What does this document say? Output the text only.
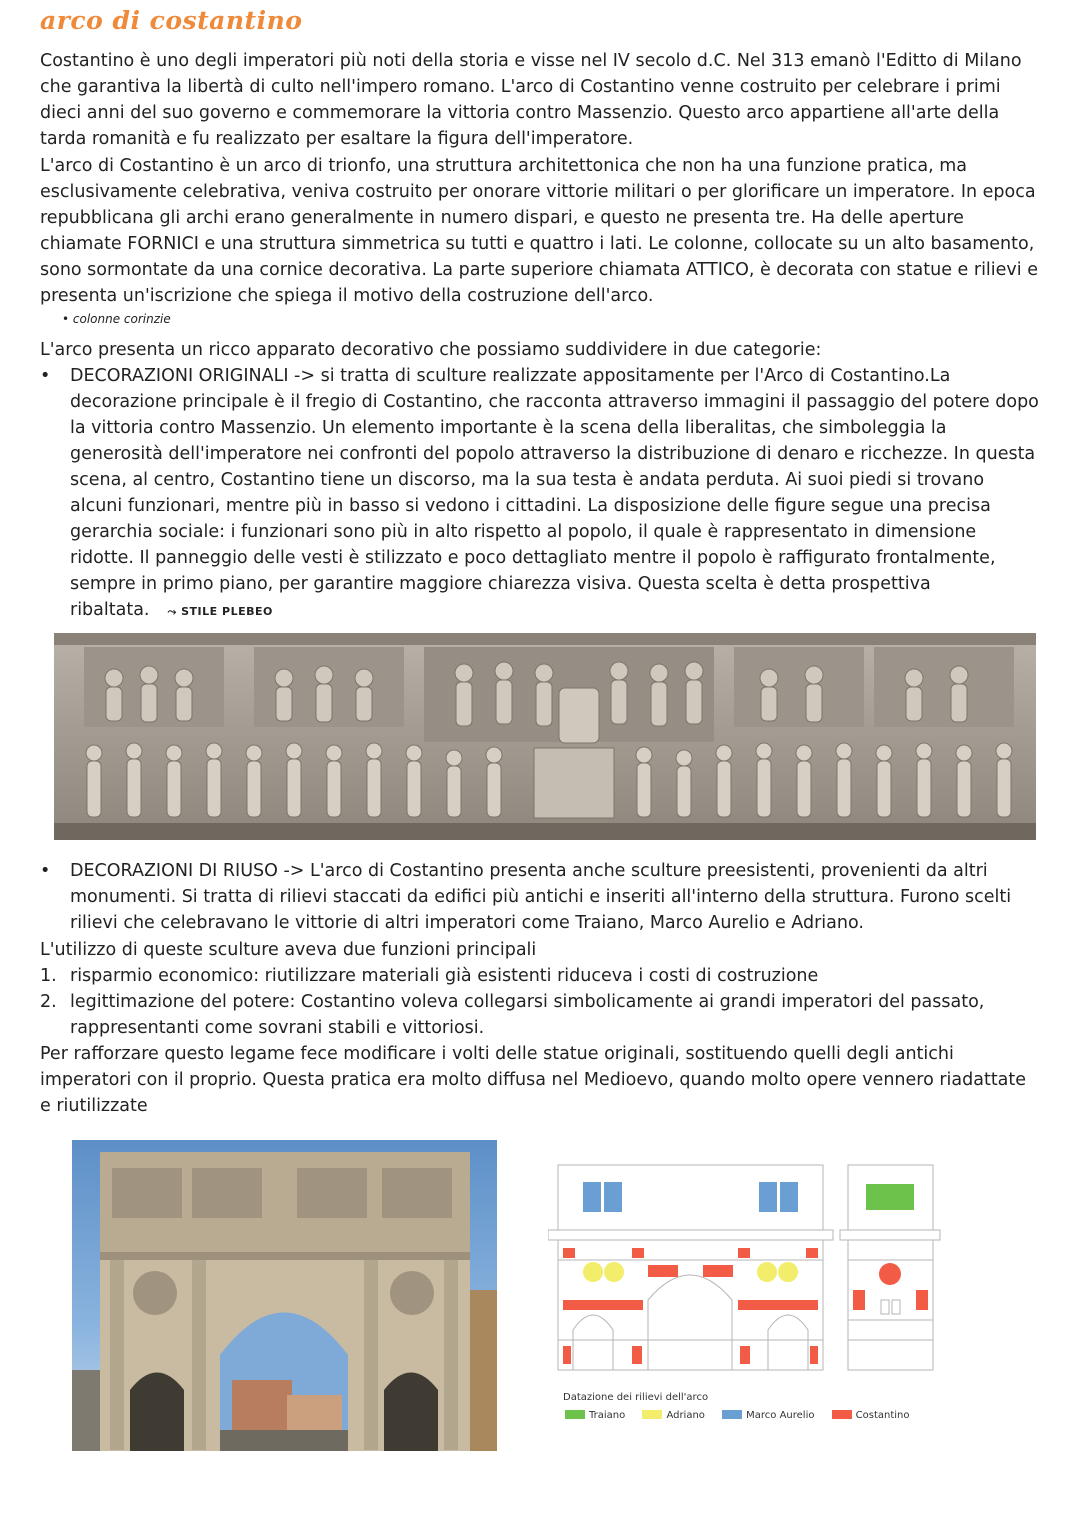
arco di costantino

Costantino è uno degli imperatori più noti della storia e visse nel IV secolo d.C. Nel 313 emanò l'Editto di Milano che garantiva la libertà di culto nell'impero romano. L'arco di Costantino venne costruito per celebrare i primi dieci anni del suo governo e commemorare la vittoria contro Massenzio. Questo arco appartiene all'arte della tarda romanità e fu realizzato per esaltare la figura dell'imperatore.

L'arco di Costantino è un arco di trionfo, una struttura architettonica che non ha una funzione pratica, ma esclusivamente celebrativa, veniva costruito per onorare vittorie militari o per glorificare un imperatore. In epoca repubblicana gli archi erano generalmente in numero dispari, e questo ne presenta tre. Ha delle aperture chiamate FORNICI e una struttura simmetrica su tutti e quattro i lati. Le colonne, collocate su un alto basamento, sono sormontate da una cornice decorativa. La parte superiore chiamata ATTICO, è decorata con statue e rilievi e presenta un'iscrizione che spiega il motivo della costruzione dell'arco.

• colonne corinzie

L'arco presenta un ricco apparato decorativo che possiamo suddividere in due categorie:

•	DECORAZIONI ORIGINALI -> si tratta di sculture realizzate appositamente per l'Arco di Costantino.La decorazione principale è il fregio di Costantino, che racconta attraverso immagini il passaggio del potere dopo la vittoria contro Massenzio. Un elemento importante è la scena della liberalitas, che simboleggia la generosità dell'imperatore nei confronti del popolo attraverso la distribuzione di denaro e ricchezze. In questa scena, al centro, Costantino tiene un discorso, ma la sua testa è andata perduta. Ai suoi piedi si trovano alcuni funzionari, mentre più in basso si vedono i cittadini. La disposizione delle figure segue una precisa gerarchia sociale: i funzionari sono più in alto rispetto al popolo, il quale è rappresentato in dimensione ridotte. Il panneggio delle vesti è stilizzato e poco dettagliato mentre il popolo è raffigurato frontalmente, sempre in primo piano, per garantire maggiore chiarezza visiva. Questa scelta è detta prospettiva ribaltata. ⤳ STILE PLEBEO
•	DECORAZIONI DI RIUSO -> L'arco di Costantino presenta anche sculture preesistenti, provenienti da altri monumenti. Si tratta di rilievi staccati da edifici più antichi e inseriti all'interno della struttura. Furono scelti rilievi che celebravano le vittorie di altri imperatori come Traiano, Marco Aurelio e Adriano.

L'utilizzo di queste sculture aveva due funzioni principali

1. risparmio economico: riutilizzare materiali già esistenti riduceva i costi di costruzione
2. legittimazione del potere: Costantino voleva collegarsi simbolicamente ai grandi imperatori del passato, rappresentanti come sovrani stabili e vittoriosi.

Per rafforzare questo legame fece modificare i volti delle statue originali, sostituendo quelli degli antichi imperatori con il proprio. Questa pratica era molto diffusa nel Medioevo, quando molto opere vennero riadattate e riutilizzate

Datazione dei rilievi dell'arco
Traiano	Adriano	Marco Aurelio	Costantino
